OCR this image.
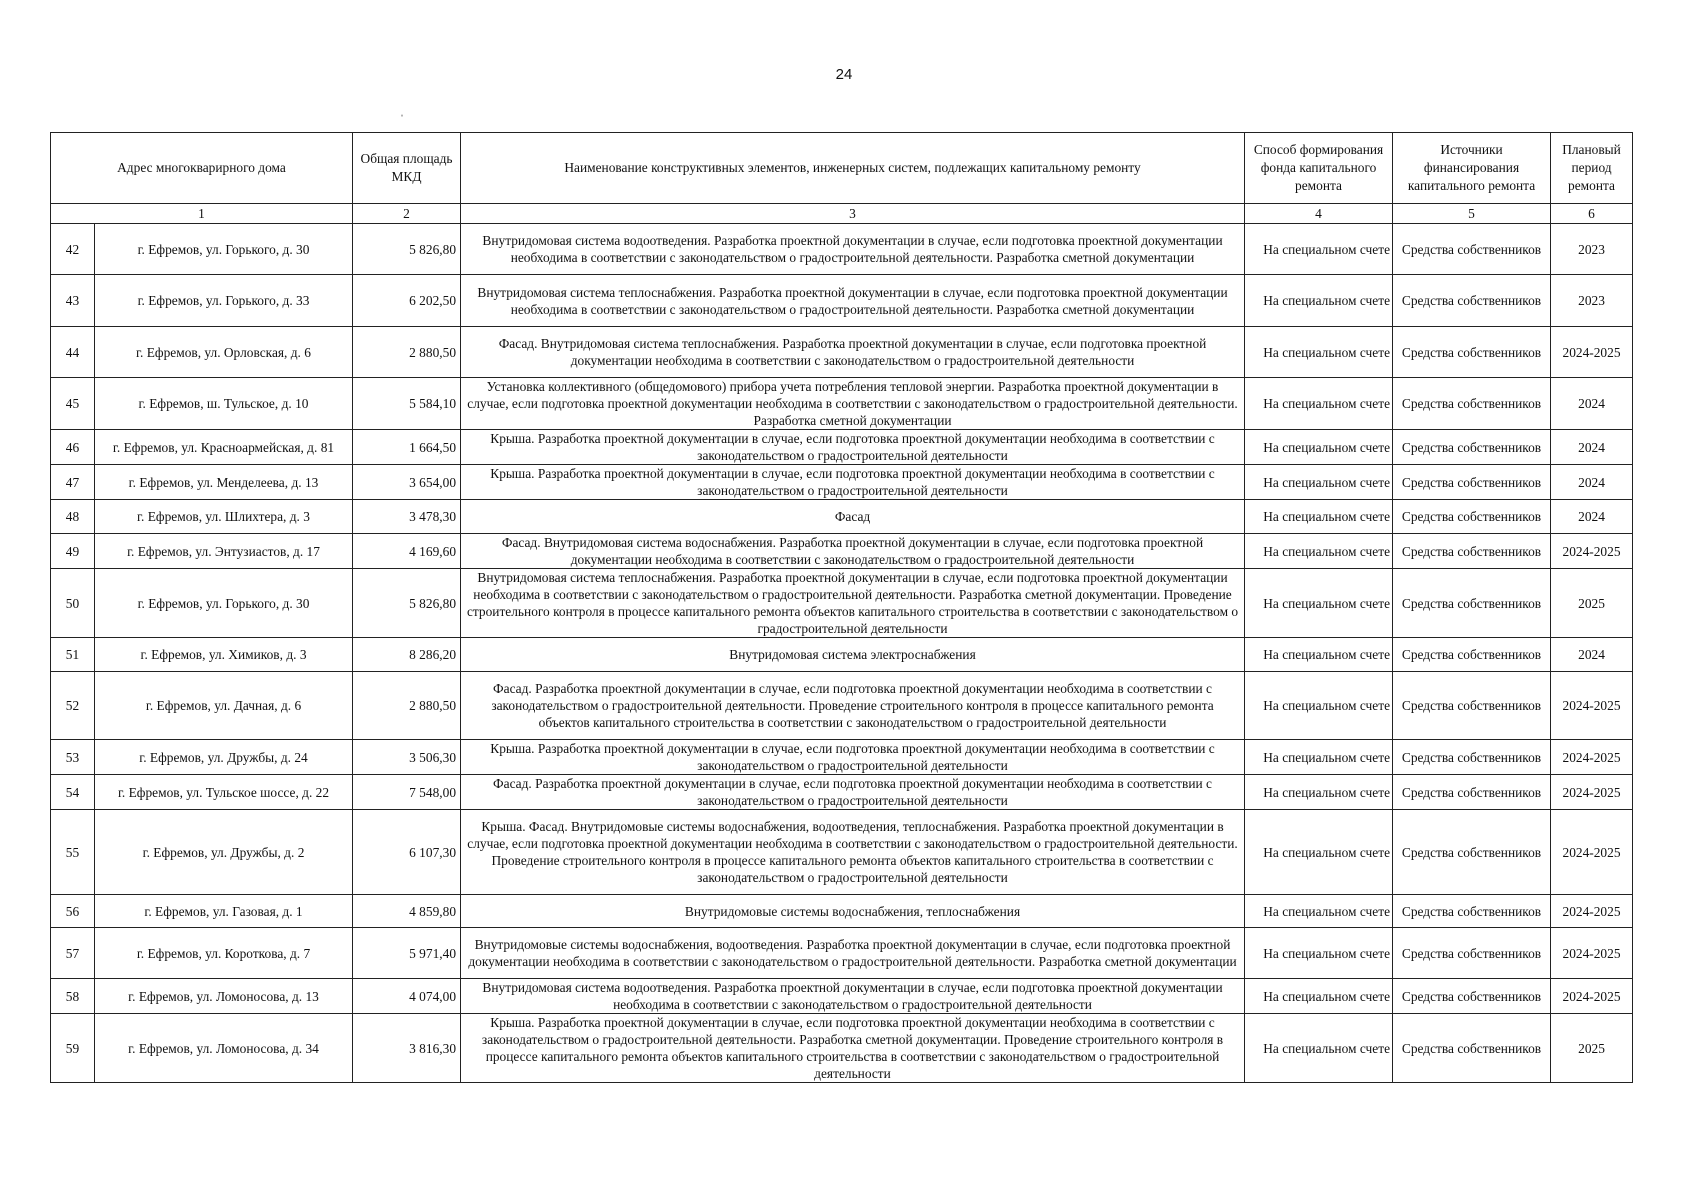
24
ˈ
Адрес многокварирного дома		Общая площадь МКД	Наименование конструктивных элементов, инженерных систем, подлежащих капитальному ремонту	Способ формирования фонда капитального ремонта	Источники финансирования капитального ремонта	Плановый период ремонта
1		2	3	4	5	6
42	г. Ефремов, ул. Горького, д. 30	5 826,80	Внутридомовая система водоотведения. Разработка проектной документации в случае, если подготовка проектной документации необходима в соответствии с законодательством о градостроительной деятельности. Разработка сметной документации	На специальном счете	Средства собственников	2023
43	г. Ефремов, ул. Горького, д. 33	6 202,50	Внутридомовая система теплоснабжения. Разработка проектной документации в случае, если подготовка проектной документации необходима в соответствии с законодательством о градостроительной деятельности. Разработка сметной документации	На специальном счете	Средства собственников	2023
44	г. Ефремов, ул. Орловская, д. 6	2 880,50	Фасад. Внутридомовая система теплоснабжения. Разработка проектной документации в случае, если подготовка проектной документации необходима в соответствии с законодательством о градостроительной деятельности	На специальном счете	Средства собственников	2024-2025
45	г. Ефремов, ш. Тульское, д. 10	5 584,10	Установка коллективного (общедомового) прибора учета потребления тепловой энергии. Разработка проектной документации в случае, если подготовка проектной документации необходима в соответствии с законодательством о градостроительной деятельности. Разработка сметной документации	На специальном счете	Средства собственников	2024
46	г. Ефремов, ул. Красноармейская, д. 81	1 664,50	Крыша. Разработка проектной документации в случае, если подготовка проектной документации необходима в соответствии с законодательством о градостроительной деятельности	На специальном счете	Средства собственников	2024
47	г. Ефремов, ул. Менделеева, д. 13	3 654,00	Крыша. Разработка проектной документации в случае, если подготовка проектной документации необходима в соответствии с законодательством о градостроительной деятельности	На специальном счете	Средства собственников	2024
48	г. Ефремов, ул. Шлихтера, д. 3	3 478,30	Фасад	На специальном счете	Средства собственников	2024
49	г. Ефремов, ул. Энтузиастов, д. 17	4 169,60	Фасад. Внутридомовая система водоснабжения. Разработка проектной документации в случае, если подготовка проектной документации необходима в соответствии с законодательством о градостроительной деятельности	На специальном счете	Средства собственников	2024-2025
50	г. Ефремов, ул. Горького, д. 30	5 826,80	Внутридомовая система теплоснабжения. Разработка проектной документации в случае, если подготовка проектной документации необходима в соответствии с законодательством о градостроительной деятельности. Разработка сметной документации. Проведение строительного контроля в процессе капитального ремонта объектов капитального строительства в соответствии с законодательством о градостроительной деятельности	На специальном счете	Средства собственников	2025
51	г. Ефремов, ул. Химиков, д. 3	8 286,20	Внутридомовая система электроснабжения	На специальном счете	Средства собственников	2024
52	г. Ефремов, ул. Дачная, д. 6	2 880,50	Фасад. Разработка проектной документации в случае, если подготовка проектной документации необходима в соответствии с законодательством о градостроительной деятельности. Проведение строительного контроля в процессе капитального ремонта объектов капитального строительства в соответствии с законодательством о градостроительной деятельности	На специальном счете	Средства собственников	2024-2025
53	г. Ефремов, ул. Дружбы, д. 24	3 506,30	Крыша. Разработка проектной документации в случае, если подготовка проектной документации необходима в соответствии с законодательством о градостроительной деятельности	На специальном счете	Средства собственников	2024-2025
54	г. Ефремов, ул. Тульское шоссе, д. 22	7 548,00	Фасад. Разработка проектной документации в случае, если подготовка проектной документации необходима в соответствии с законодательством о градостроительной деятельности	На специальном счете	Средства собственников	2024-2025
55	г. Ефремов, ул. Дружбы, д. 2	6 107,30	Крыша. Фасад. Внутридомовые системы водоснабжения, водоотведения, теплоснабжения. Разработка проектной документации в случае, если подготовка проектной документации необходима в соответствии с законодательством о градостроительной деятельности. Проведение строительного контроля в процессе капитального ремонта объектов капитального строительства в соответствии с законодательством о градостроительной деятельности	На специальном счете	Средства собственников	2024-2025
56	г. Ефремов, ул. Газовая, д. 1	4 859,80	Внутридомовые системы водоснабжения, теплоснабжения	На специальном счете	Средства собственников	2024-2025
57	г. Ефремов, ул. Короткова, д. 7	5 971,40	Внутридомовые системы водоснабжения, водоотведения. Разработка проектной документации в случае, если подготовка проектной документации необходима в соответствии с законодательством о градостроительной деятельности. Разработка сметной документации	На специальном счете	Средства собственников	2024-2025
58	г. Ефремов, ул. Ломоносова, д. 13	4 074,00	Внутридомовая система водоотведения. Разработка проектной документации в случае, если подготовка проектной документации необходима в соответствии с законодательством о градостроительной деятельности	На специальном счете	Средства собственников	2024-2025
59	г. Ефремов, ул. Ломоносова, д. 34	3 816,30	Крыша. Разработка проектной документации в случае, если подготовка проектной документации необходима в соответствии с законодательством о градостроительной деятельности. Разработка сметной документации. Проведение строительного контроля в процессе капитального ремонта объектов капитального строительства в соответствии с законодательством о градостроительной деятельности	На специальном счете	Средства собственников	2025
